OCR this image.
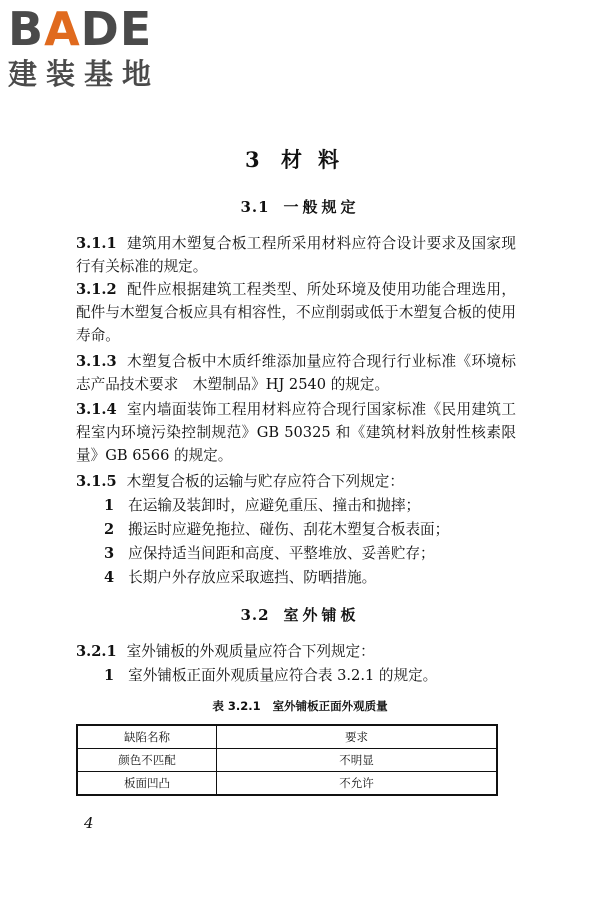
BADE
建装基地
3 材料
3.1 一般规定
3.1.1 建筑用木塑复合板工程所采用材料应符合设计要求及国家现行有关标准的规定。
3.1.2 配件应根据建筑工程类型、所处环境及使用功能合理选用，配件与木塑复合板应具有相容性，不应削弱或低于木塑复合板的使用寿命。
3.1.3 木塑复合板中木质纤维添加量应符合现行行业标准《环境标志产品技术要求　木塑制品》HJ 2540 的规定。
3.1.4 室内墙面装饰工程用材料应符合现行国家标准《民用建筑工程室内环境污染控制规范》GB 50325 和《建筑材料放射性核素限量》GB 6566 的规定。
3.1.5 木塑复合板的运输与贮存应符合下列规定：
1 在运输及装卸时，应避免重压、撞击和抛摔；
2 搬运时应避免拖拉、碰伤、刮花木塑复合板表面；
3 应保持适当间距和高度、平整堆放、妥善贮存；
4 长期户外存放应采取遮挡、防晒措施。
3.2 室外铺板
3.2.1 室外铺板的外观质量应符合下列规定：
1 室外铺板正面外观质量应符合表 3.2.1 的规定。
表 3.2.1 室外铺板正面外观质量
缺陷名称	要求
颜色不匹配	不明显
板面凹凸	不允许
4
